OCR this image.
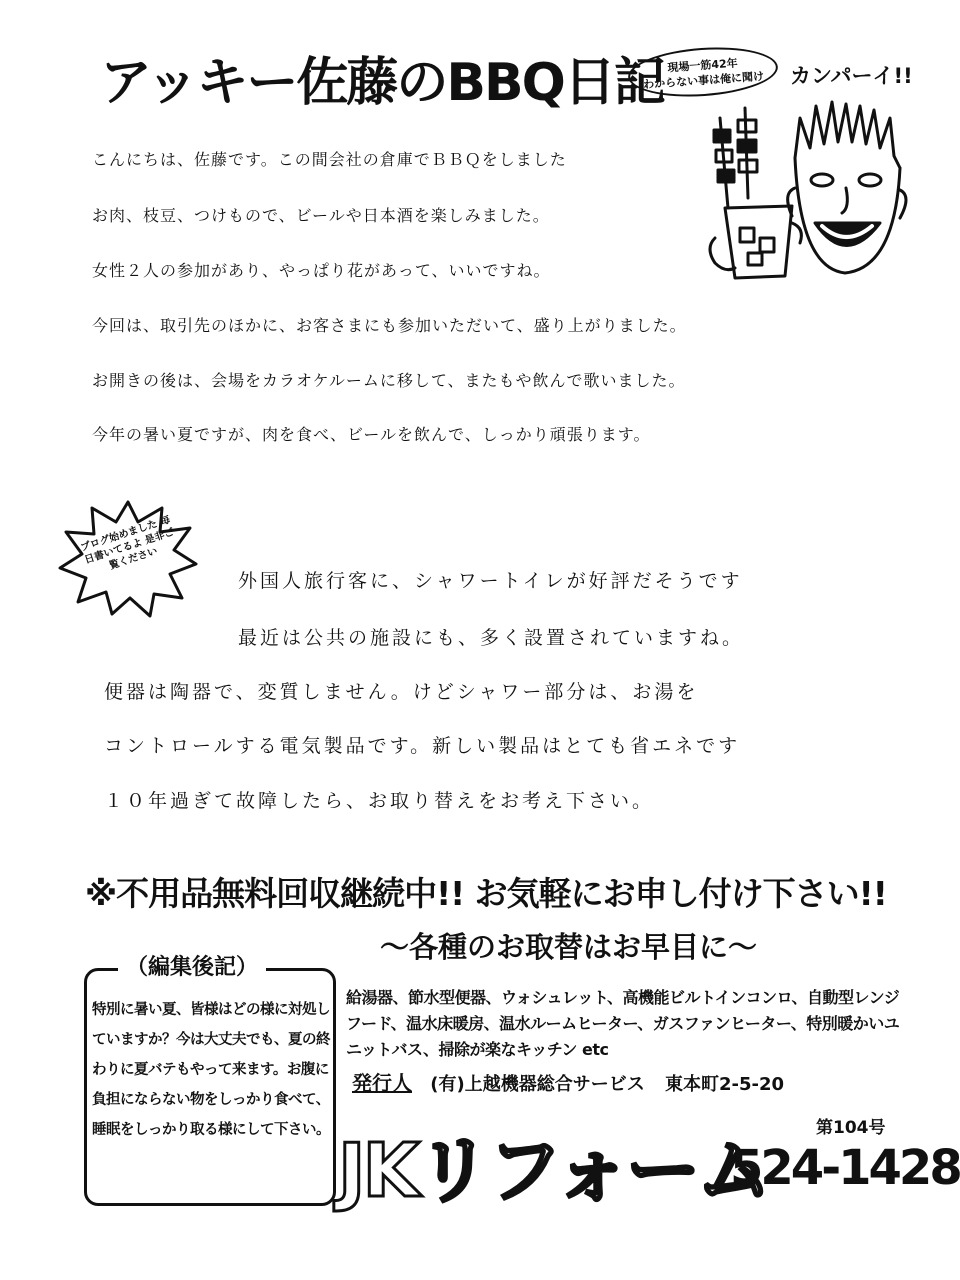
アッキー佐藤のBBQ日記 現場一筋42年
わからない事は俺に聞け	カンパーイ!!
こんにちは、佐藤です。この間会社の倉庫でＢＢＱをしました
お肉、枝豆、つけもので、ビールや日本酒を楽しみました。
女性２人の参加があり、やっぱり花があって、いいですね。
今回は、取引先のほかに、お客さまにも参加いただいて、盛り上がりました。
お開きの後は、会場をカラオケルームに移して、またもや飲んで歌いました。
今年の暑い夏ですが、肉を食べ、ビールを飲んで、しっかり頑張ります。
ブログ始めました 毎日書いてるよ 是非ご覧ください
外国人旅行客に、シャワートイレが好評だそうです
最近は公共の施設にも、多く設置されていますね。
便器は陶器で、変質しません。けどシャワー部分は、お湯を
コントロールする電気製品です。新しい製品はとても省エネです
１０年過ぎて故障したら、お取り替えをお考え下さい。
※不用品無料回収継続中!! お気軽にお申し付け下さい!!
〜各種のお取替はお早目に〜
（編集後記）
特別に暑い夏、皆様はどの様に対処していますか？今は大丈夫でも、夏の終わりに夏バテもやって来ます。お腹に負担にならない物をしっかり食べて、睡眠をしっかり取る様にして下さい。
給湯器、節水型便器、ウォシュレット、高機能ビルトインコンロ、自動型レンジフード、温水床暖房、温水ルームヒーター、ガスファンヒーター、特別暖かいユニットバス、掃除が楽なキッチン etc
発行人 (有)上越機器総合サービス 東本町2-5-20
第104号
JKリフォーム
524-1428
